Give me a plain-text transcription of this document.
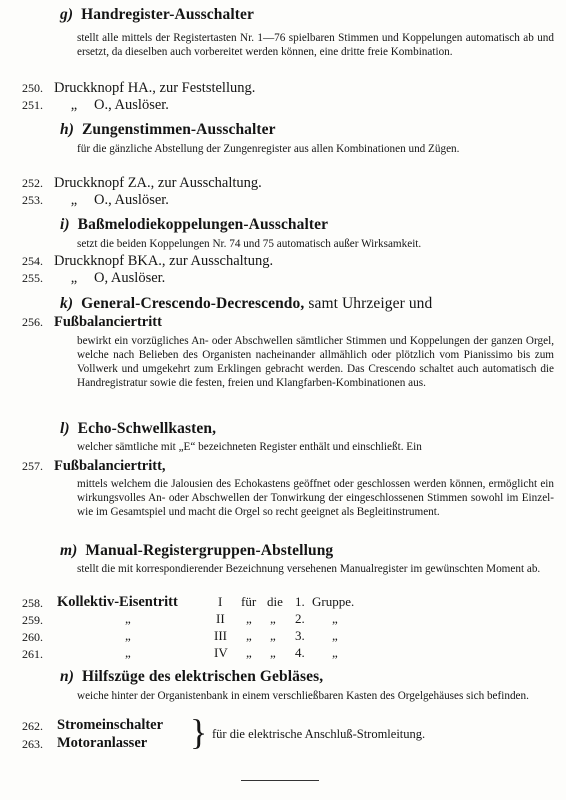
g) Handregister-Ausschalter
stellt alle mittels der Registertasten Nr. 1—76 spielbaren Stimmen und Koppelungen automatisch ab und ersetzt, da dieselben auch vorbereitet werden können, eine dritte freie Kombination.
250. Druckknopf HA., zur Feststellung.
251. „ O., Auslöser.
h) Zungenstimmen-Ausschalter
für die gänzliche Abstellung der Zungenregister aus allen Kombinationen und Zügen.
252. Druckknopf ZA., zur Ausschaltung.
253. „ O., Auslöser.
i) Baßmelodiekoppelungen-Ausschalter
setzt die beiden Koppelungen Nr. 74 und 75 automatisch außer Wirksamkeit.
254. Druckknopf BKA., zur Ausschaltung.
255. „ O, Auslöser.
k) General-Crescendo-Decrescendo, samt Uhrzeiger und
256. Fußbalanciertritt
bewirkt ein vorzügliches An- oder Abschwellen sämtlicher Stimmen und Koppelungen der ganzen Orgel, welche nach Belieben des Organisten nacheinander allmählich oder plötzlich vom Pianissimo bis zum Vollwerk und umgekehrt zum Erklingen gebracht werden. Das Crescendo schaltet auch automatisch die Handregistratur sowie die festen, freien und Klangfarben-Kombinationen aus.
l) Echo-Schwellkasten,
welcher sämtliche mit „E“ bezeichneten Register enthält und einschließt. Ein
257. Fußbalanciertritt,
mittels welchem die Jalousien des Echokastens geöffnet oder geschlossen werden können, ermöglicht ein wirkungsvolles An- oder Abschwellen der Tonwirkung der eingeschlossenen Stimmen sowohl im Einzel- wie im Gesamtspiel und macht die Orgel so recht geeignet als Begleitinstrument.
m) Manual-Registergruppen-Abstellung
stellt die mit korrespondierender Bezeichnung versehenen Manualregister im gewünschten Moment ab.
258. Kollektiv-Eisentritt	I für die 1. Gruppe.
259.	„	II „ „ 2. „
260.	„	III „ „ 3. „
261.	„	IV „ „ 4. „
n) Hilfszüge des elektrischen Gebläses,
weiche hinter der Organistenbank in einem verschließbaren Kasten des Orgelgehäuses sich befinden.
262. Stromeinschalter
263. Motoranlasser } für die elektrische Anschluß-Stromleitung.
